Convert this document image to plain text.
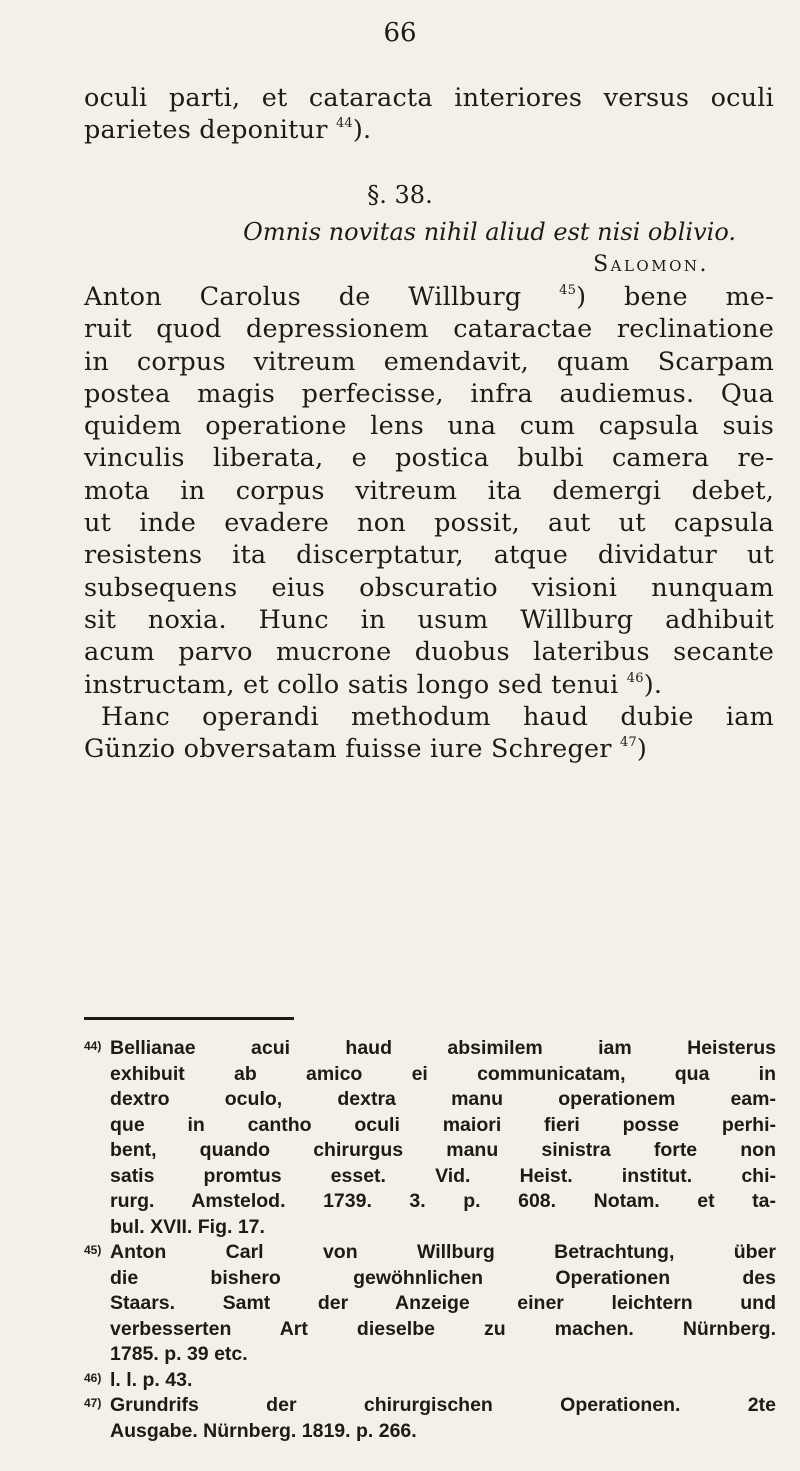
66
oculi parti, et cataracta interiores versus oculi
parietes deponitur $^{44}$).
§. 38.
Omnis novitas nihil aliud est nisi oblivio.
Salomon.
Anton Carolus de Willburg $^{45}$) bene me-
ruit quod depressionem cataractae reclinatione
in corpus vitreum emendavit, quam Scarpam
postea magis perfecisse, infra audiemus. Qua
quidem operatione lens una cum capsula suis
vinculis liberata, e postica bulbi camera re-
mota in corpus vitreum ita demergi debet,
ut inde evadere non possit, aut ut capsula
resistens ita discerptatur, atque dividatur ut
subsequens eius obscuratio visioni nunquam
sit noxia. Hunc in usum Willburg adhibuit
acum parvo mucrone duobus lateribus secante
instructam, et collo satis longo sed tenui $^{46}$).
Hanc operandi methodum haud dubie iam
Günzio obversatam fuisse iure Schreger $^{47}$)
44) Bellianae acui haud absimilem iam Heisterus
exhibuit ab amico ei communicatam, qua in
dextro oculo, dextra manu operationem eam-
que in cantho oculi maiori fieri posse perhi-
bent, quando chirurgus manu sinistra forte non
satis promtus esset. Vid. Heist. institut. chi-
rurg. Amstelod. 1739. 3. p. 608. Notam. et ta-
bul. XVII. Fig. 17.
45) Anton Carl von Willburg Betrachtung, über
die bishero gewöhnlichen Operationen des
Staars. Samt der Anzeige einer leichtern und
verbesserten Art dieselbe zu machen. Nürnberg.
1785. p. 39 etc.
46) l. l. p. 43.
47) Grundrifs der chirurgischen Operationen. 2te
Ausgabe. Nürnberg. 1819. p. 266.
